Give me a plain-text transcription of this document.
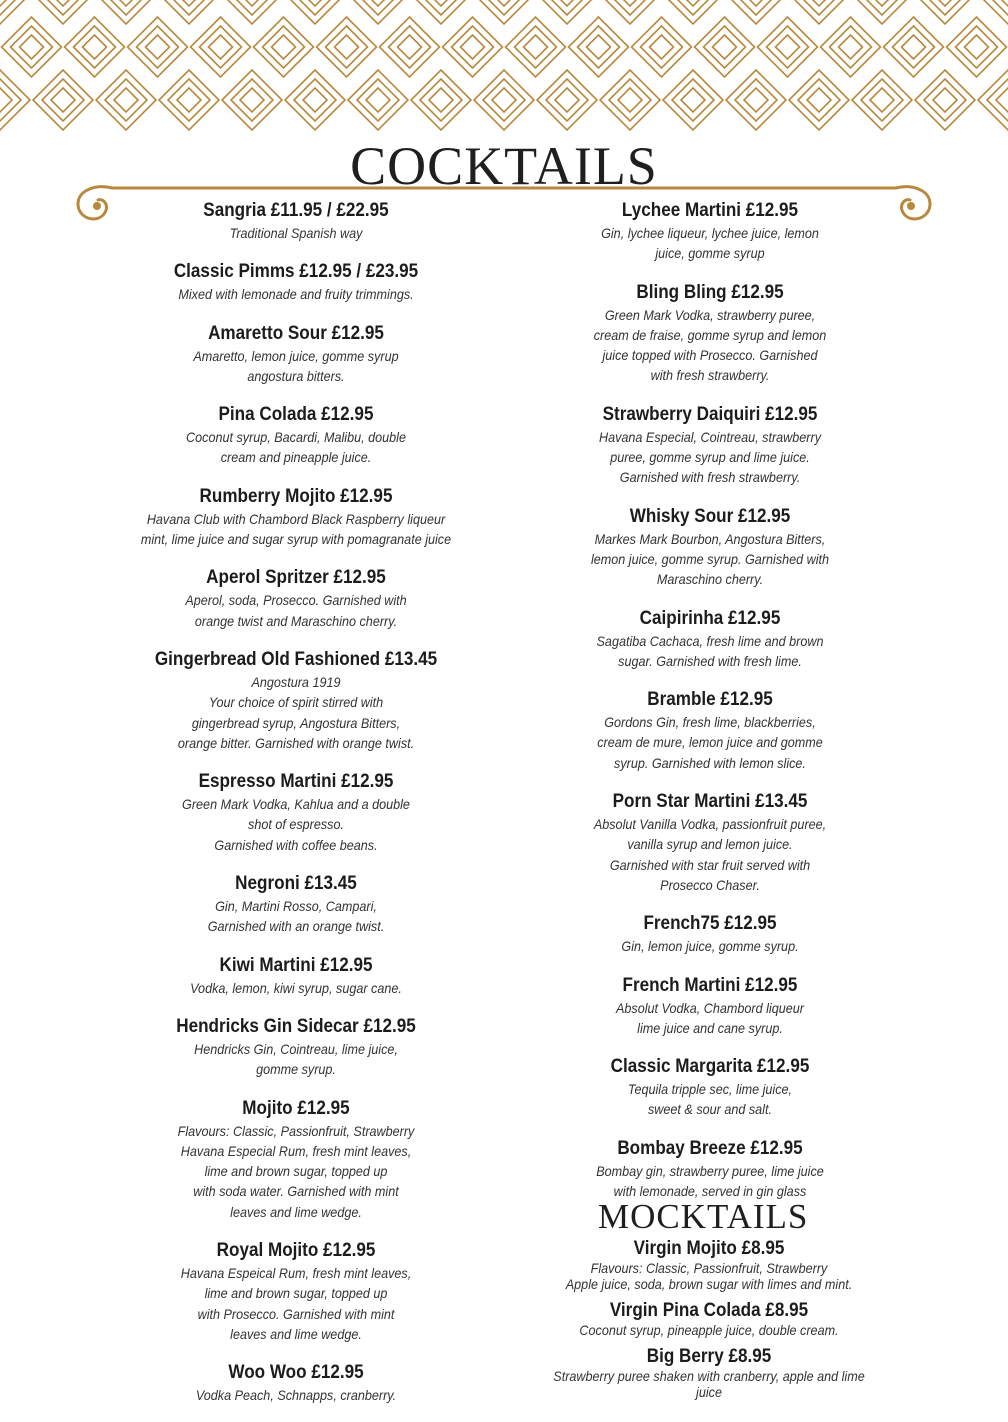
COCKTAILS
Sangria £11.95 / £22.95
Traditional Spanish way
Classic Pimms £12.95 / £23.95
Mixed with lemonade and fruity trimmings.
Amaretto Sour £12.95
Amaretto, lemon juice, gomme syrup
angostura bitters.
Pina Colada £12.95
Coconut syrup, Bacardi, Malibu, double
cream and pineapple juice.
Rumberry Mojito £12.95
Havana Club with Chambord Black Raspberry liqueur
mint, lime juice and sugar syrup with pomagranate juice
Aperol Spritzer £12.95
Aperol, soda, Prosecco. Garnished with
orange twist and Maraschino cherry.
Gingerbread Old Fashioned £13.45
Angostura 1919
Your choice of spirit stirred with
gingerbread syrup, Angostura Bitters,
orange bitter. Garnished with orange twist.
Espresso Martini £12.95
Green Mark Vodka, Kahlua and a double
shot of espresso.
Garnished with coffee beans.
Negroni £13.45
Gin, Martini Rosso, Campari,
Garnished with an orange twist.
Kiwi Martini £12.95
Vodka, lemon, kiwi syrup, sugar cane.
Hendricks Gin Sidecar £12.95
Hendricks Gin, Cointreau, lime juice,
gomme syrup.
Mojito £12.95
Flavours: Classic, Passionfruit, Strawberry
Havana Especial Rum, fresh mint leaves,
lime and brown sugar, topped up
with soda water. Garnished with mint
leaves and lime wedge.
Royal Mojito £12.95
Havana Espeical Rum, fresh mint leaves,
lime and brown sugar, topped up
with Prosecco. Garnished with mint
leaves and lime wedge.
Woo Woo £12.95
Vodka Peach, Schnapps, cranberry.
Lychee Martini £12.95
Gin, lychee liqueur, lychee juice, lemon
juice, gomme syrup
Bling Bling £12.95
Green Mark Vodka, strawberry puree,
cream de fraise, gomme syrup and lemon
juice topped with Prosecco. Garnished
with fresh strawberry.
Strawberry Daiquiri £12.95
Havana Especial, Cointreau, strawberry
puree, gomme syrup and lime juice.
Garnished with fresh strawberry.
Whisky Sour £12.95
Markes Mark Bourbon, Angostura Bitters,
lemon juice, gomme syrup. Garnished with
Maraschino cherry.
Caipirinha £12.95
Sagatiba Cachaca, fresh lime and brown
sugar. Garnished with fresh lime.
Bramble £12.95
Gordons Gin, fresh lime, blackberries,
cream de mure, lemon juice and gomme
syrup. Garnished with lemon slice.
Porn Star Martini £13.45
Absolut Vanilla Vodka, passionfruit puree,
vanilla syrup and lemon juice.
Garnished with star fruit served with
Prosecco Chaser.
French75 £12.95
Gin, lemon juice, gomme syrup.
French Martini £12.95
Absolut Vodka, Chambord liqueur
lime juice and cane syrup.
Classic Margarita £12.95
Tequila tripple sec, lime juice,
sweet & sour and salt.
Bombay Breeze £12.95
Bombay gin, strawberry puree, lime juice
with lemonade, served in gin glass
MOCKTAILS
Virgin Mojito £8.95
Flavours: Classic, Passionfruit, Strawberry
Apple juice, soda, brown sugar with limes and mint.
Virgin Pina Colada £8.95
Coconut syrup, pineapple juice, double cream.
Big Berry £8.95
Strawberry puree shaken with cranberry, apple and lime juice
